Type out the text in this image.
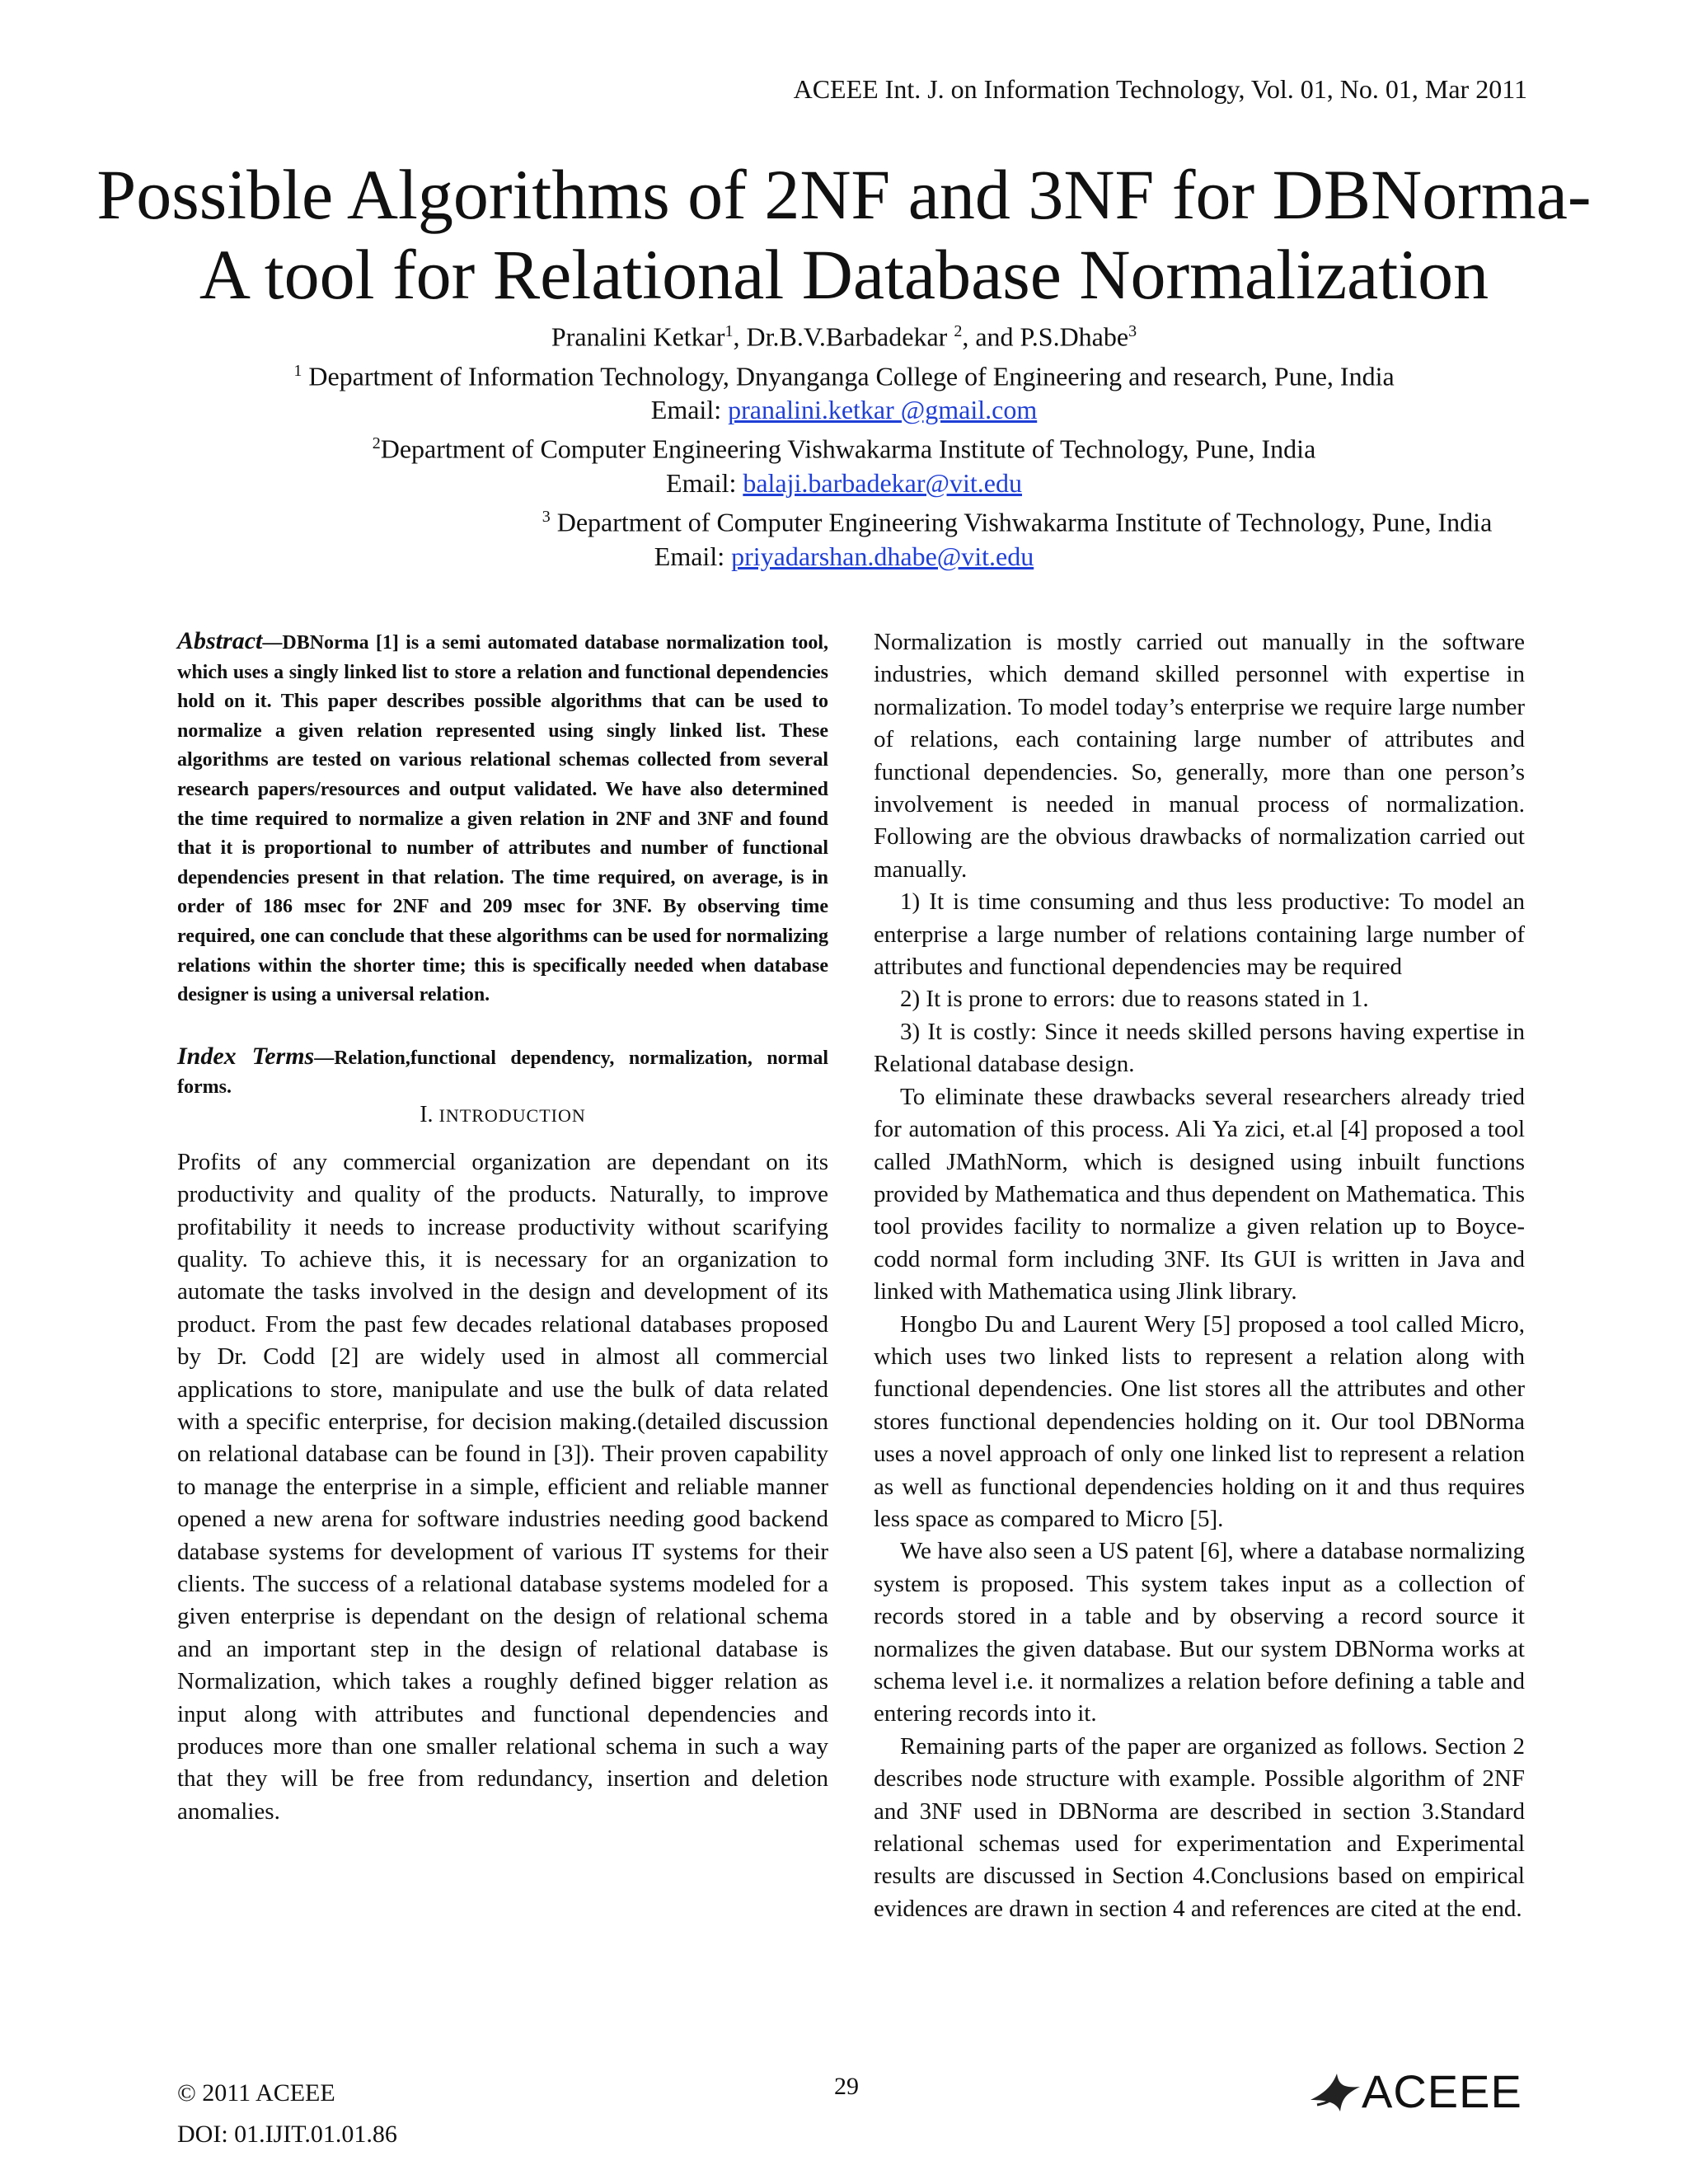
ACEEE Int. J. on Information Technology, Vol. 01, No. 01, Mar 2011
Possible Algorithms of 2NF and 3NF for DBNorma-
A tool for Relational Database Normalization
Pranalini Ketkar$^1$, Dr.B.V.Barbadekar $^2$, and P.S.Dhabe$^3$
$^1$ Department of Information Technology, Dnyanganga College of Engineering and research, Pune, India
Email: pranalini.ketkar @gmail.com
$^2$Department of Computer Engineering Vishwakarma Institute of Technology, Pune, India
Email: balaji.barbadekar@vit.edu
$^3$ Department of Computer Engineering Vishwakarma Institute of Technology, Pune, India
Email: priyadarshan.dhabe@vit.edu

Abstract—DBNorma [1] is a semi automated database normalization tool, which uses a singly linked list to store a relation and functional dependencies hold on it. This paper describes possible algorithms that can be used to normalize a given relation represented using singly linked list. These algorithms are tested on various relational schemas collected from several research papers/resources and output validated. We have also determined the time required to normalize a given relation in 2NF and 3NF and found that it is proportional to number of attributes and number of functional dependencies present in that relation. The time required, on average, is in order of 186 msec for 2NF and 209 msec for 3NF. By observing time required, one can conclude that these algorithms can be used for normalizing relations within the shorter time; this is specifically needed when database designer is using a universal relation.

Index Terms—Relation,functional dependency, normalization, normal forms.

I. INTRODUCTION

Profits of any commercial organization are dependant on its productivity and quality of the products. Naturally, to improve profitability it needs to increase productivity without scarifying quality. To achieve this, it is necessary for an organization to automate the tasks involved in the design and development of its product. From the past few decades relational databases proposed by Dr. Codd [2] are widely used in almost all commercial applications to store, manipulate and use the bulk of data related with a specific enterprise, for decision making.(detailed discussion on relational database can be found in [3]). Their proven capability to manage the enterprise in a simple, efficient and reliable manner opened a new arena for software industries needing good backend database systems for development of various IT systems for their clients. The success of a relational database systems modeled for a given enterprise is dependant on the design of relational schema and an important step in the design of relational database is Normalization, which takes a roughly defined bigger relation as input along with attributes and functional dependencies and produces more than one smaller relational schema in such a way that they will be free from redundancy, insertion and deletion anomalies.

Normalization is mostly carried out manually in the software industries, which demand skilled personnel with expertise in normalization. To model today’s enterprise we require large number of relations, each containing large number of attributes and functional dependencies. So, generally, more than one person’s involvement is needed in manual process of normalization. Following are the obvious drawbacks of normalization carried out manually.

1) It is time consuming and thus less productive: To model an enterprise a large number of relations containing large number of attributes and functional dependencies may be required

2) It is prone to errors: due to reasons stated in 1.

3) It is costly: Since it needs skilled persons having expertise in Relational database design.

To eliminate these drawbacks several researchers already tried for automation of this process. Ali Ya zici, et.al [4] proposed a tool called JMathNorm, which is designed using inbuilt functions provided by Mathematica and thus dependent on Mathematica. This tool provides facility to normalize a given relation up to Boyce-codd normal form including 3NF. Its GUI is written in Java and linked with Mathematica using Jlink library.

Hongbo Du and Laurent Wery [5] proposed a tool called Micro, which uses two linked lists to represent a relation along with functional dependencies. One list stores all the attributes and other stores functional dependencies holding on it. Our tool DBNorma uses a novel approach of only one linked list to represent a relation as well as functional dependencies holding on it and thus requires less space as compared to Micro [5].

We have also seen a US patent [6], where a database normalizing system is proposed. This system takes input as a collection of records stored in a table and by observing a record source it normalizes the given database. But our system DBNorma works at schema level i.e. it normalizes a relation before defining a table and entering records into it.

Remaining parts of the paper are organized as follows. Section 2 describes node structure with example. Possible algorithm of 2NF and 3NF used in DBNorma are described in section 3.Standard relational schemas used for experimentation and Experimental results are discussed in Section 4.Conclusions based on empirical evidences are drawn in section 4 and references are cited at the end.

© 2011 ACEEE
DOI: 01.IJIT.01.01.86
29	ACEEE
